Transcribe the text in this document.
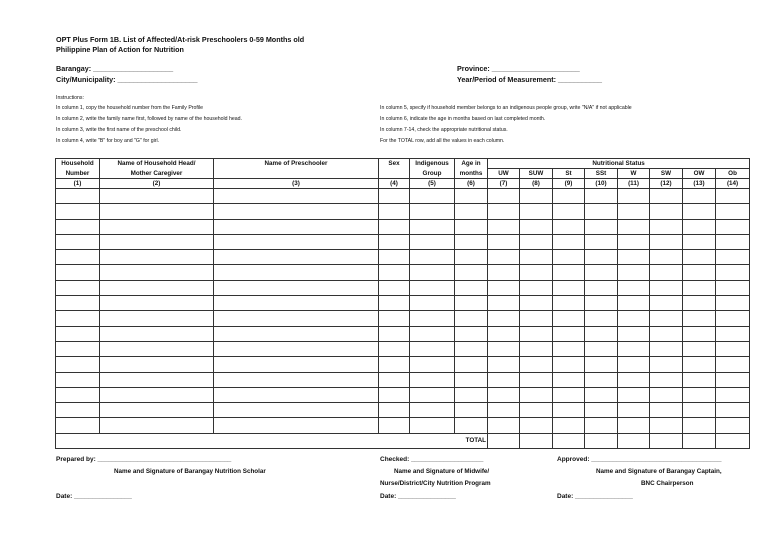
OPT Plus Form 1B. List of Affected/At-risk Preschoolers 0-59 Months old
Philippine Plan of Action for Nutrition
Barangay: ____________________
City/Municipality: ____________________
Province: ______________________
Year/Period of Measurement: ___________
Instructions:
In column 1, copy the household number from the Family Profile
In column 2, write the family name first, followed by name of the household head.
In column 3, write the first name of the preschool child.
In column 4, write "B" for boy and "G" for girl.
In column 5, specify if household member belongs to an indigenous people group, write "N/A" if not applicable
In column 6, indicate the age in months based on last completed month.
In column 7-14, check the appropriate nutritional status.
For the TOTAL row, add all the values in each column.
Household	Name of Household Head/	Name of Preschooler	Sex	Indigenous	Age in	Nutritional Status							
Number	Mother Caregiver			Group	months	UW	SUW	St	SSt	W	SW	OW	Ob
(1)	(2)	(3)	(4)	(5)	(6)	(7)	(8)	(9)	(10)	(11)	(12)	(13)	(14)

					TOTAL								
Prepared by: _____________________________________
Name and Signature of Barangay Nutrition Scholar
Date: ________________
Checked: ____________________
Name and Signature of Midwife/
Nurse/District/City Nutrition Program
Date: ________________
Approved: ____________________________________
Name and Signature of Barangay Captain,
BNC Chairperson
Date: ________________
